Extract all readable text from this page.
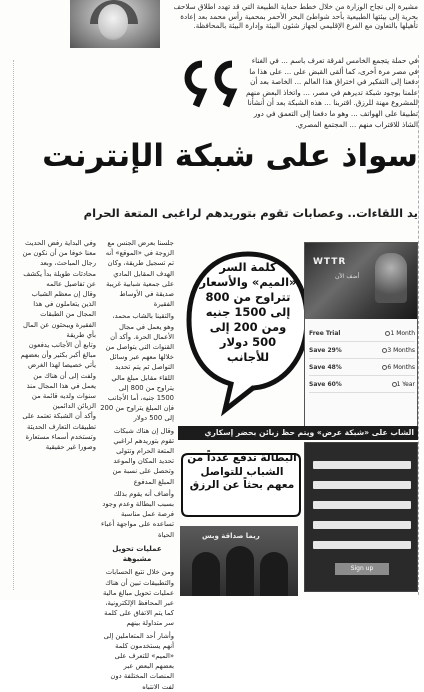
مشيرة إلى نجاح الوزارة من خلال خطط حماية الطبيعة التي قد تهدد اطلاق سلاحف بحرية إلى بيئتها الطبيعية بأحد شواطئ البحر الأحمر بمحمية رأس محمد بعد إعادة تأهيلها بالتعاون مع الفرع الإقليمي لجهاز شئون البيئة وإدارة البيئة بالمحافظة.
في حملة يتجمع الخامس لفرقة تعرف باسم ... في الغناء في مصر مرة أخرى، كما ألقى القبض على ... على هذا ما دفعنا إلى التفكير في اختراق هذا العالم ... الخاصة بعد أن علمنا بوجود شبكة تديرهم في مصر، ... واتخاذ البعض منهم للمشروع مهنة للرزق. اقتربنا ... هذه الشبكة بعد أن أنشأنا تطبيقا على الهواتف ... وهو ما دفعنا إلى التعمق في دور الشاذ للاقتراب منهم ... المجتمع المصري.
سواذ على شبكة الإنترنت
يد اللقاءات.. وعصابات تقوم بتوريدهم لراغبى المتعة الحرام
جلسنا بعرض الجنس مع الزوجة في «الموقع» أنه تم تسجيل طريقة، وكان الهدف المقابل المادي على جمعية شبابية غريبة صديقة في الأوساط الفقيرة
والتقينا بالشاب محمد، وهو يعمل في مجال الأعمال الحرة. وأكد أن القنوات التي يتواصل من خلالها معهم عبر وسائل التواصل ثم يتم تحديد اللقاء مقابل مبلغ مالي يتراوح من 800 إلى 1500 جنيه، أما الأجانب فإن المبلغ يتراوح من 200 إلى 500 دولار
وقال إن هناك شبكات تقوم بتوريدهم لراغبي المتعة الحرام وتتولى تحديد المكان والموعد وتحصل على نسبة من المبلغ المدفوع
وأضاف أنه يقوم بذلك بسبب البطالة وعدم وجود فرصة عمل مناسبة تساعده على مواجهة أعباء الحياة
عمليات تحويل مشبوهة
ومن خلال تتبع الحسابات والتطبيقات تبين أن هناك عمليات تحويل مبالغ مالية عبر المحافظ الإلكترونية، كما يتم الاتفاق على كلمة سر متداولة بينهم
وأشار أحد المتعاملين إلى أنهم يستخدمون كلمة «الميم» للتعرف على بعضهم البعض عبر المنصات المختلفة دون لفت الانتباه
وفي البداية رفض الحديث معنا خوفا من أن نكون من رجال المباحث، وبعد محادثات طويلة بدأ يكشف عن تفاصيل عالمه
وقال إن معظم الشباب الذين يتعاملون في هذا المجال من الطبقات الفقيرة ويبحثون عن المال بأي طريقة
وتابع أن الأجانب يدفعون مبالغ أكبر بكثير وأن بعضهم يأتي خصيصا لهذا الغرض
ولفت إلى أن هناك من يعمل في هذا المجال منذ سنوات ولديه قائمة من الزبائن الدائمين
وأكد أن الشبكة تعتمد على تطبيقات التعارف الحديثة وتستخدم أسماء مستعارة وصورا غير حقيقية
كلمة السر «الميم» والأسعار تتراوح من 800 إلى 1500 جنيه ومن 200 إلى 500 دولار للأجانب
WTTR
أضف الآن
Free Trial	1 Month
Save 29%	3 Months
Save 48%	6 Months
Save 60%	1 Year
الشاب على «شبكة عرض» ويتم حظ زبائن بحضر إسكاري
Sign up
البطالة تدفع عدداً من الشباب للتواصل معهم بحثاً عن الرزق
ربما صداقة وبس
